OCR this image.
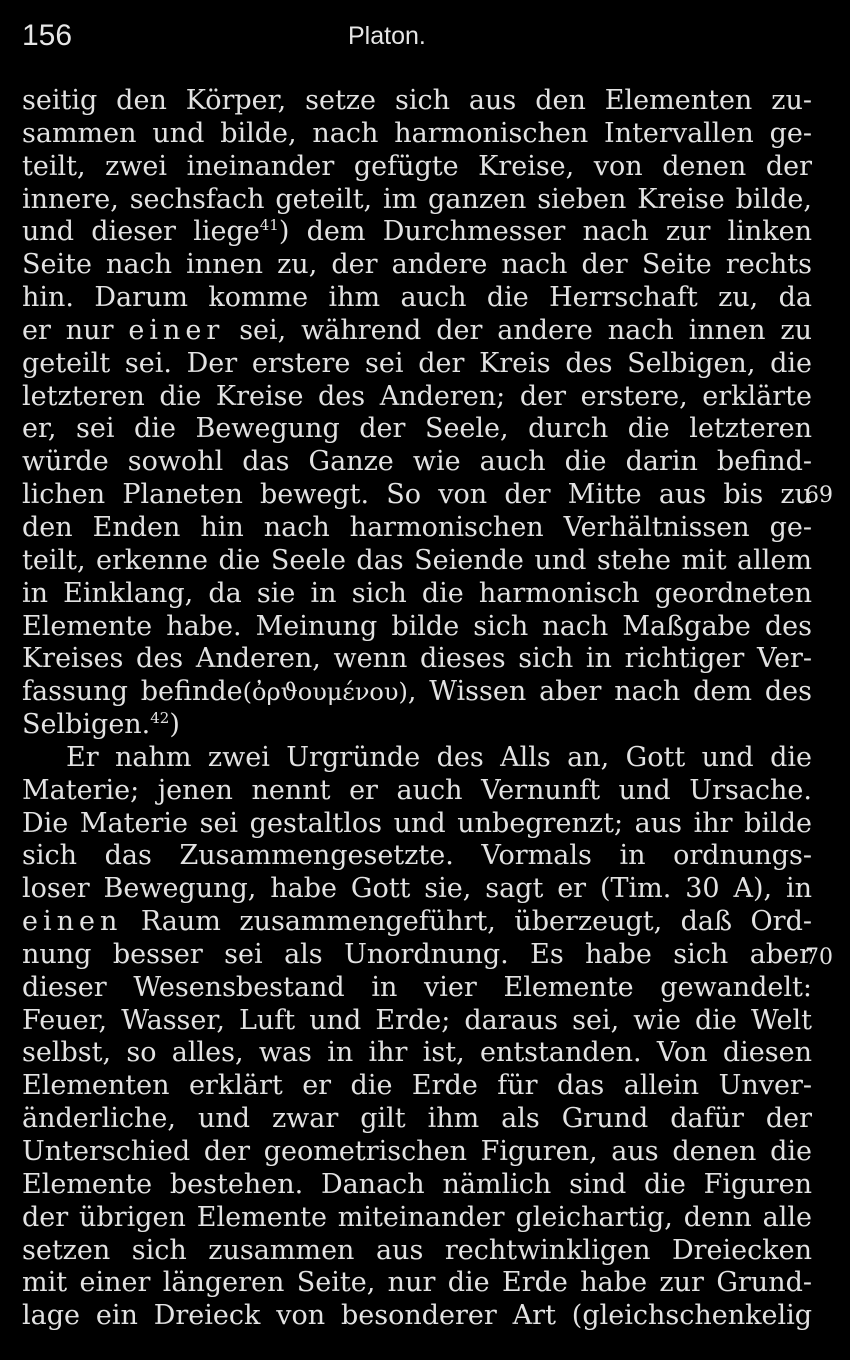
156	Platon.
69
70
seitig den Körper, setze sich aus den Elementen zu-
sammen und bilde, nach harmonischen Intervallen ge-
teilt, zwei ineinander gefügte Kreise, von denen der
innere, sechsfach geteilt, im ganzen sieben Kreise bilde,
und dieser liege$^{41}$) dem Durchmesser nach zur linken
Seite nach innen zu, der andere nach der Seite rechts
hin. Darum komme ihm auch die Herrschaft zu, da
er nur einer sei, während der andere nach innen zu
geteilt sei. Der erstere sei der Kreis des Selbigen, die
letzteren die Kreise des Anderen; der erstere, erklärte
er, sei die Bewegung der Seele, durch die letzteren
würde sowohl das Ganze wie auch die darin befind-
lichen Planeten bewegt. So von der Mitte aus bis zu
den Enden hin nach harmonischen Verhältnissen ge-
teilt, erkenne die Seele das Seiende und stehe mit allem
in Einklang, da sie in sich die harmonisch geordneten
Elemente habe. Meinung bilde sich nach Maßgabe des
Kreises des Anderen, wenn dieses sich in richtiger Ver-
fassung befinde(ὀρϑουμένου), Wissen aber nach dem des
Selbigen.$^{42}$)
Er nahm zwei Urgründe des Alls an, Gott und die
Materie; jenen nennt er auch Vernunft und Ursache.
Die Materie sei gestaltlos und unbegrenzt; aus ihr bilde
sich das Zusammengesetzte. Vormals in ordnungs-
loser Bewegung, habe Gott sie, sagt er (Tim. 30 A), in
einen Raum zusammengeführt, überzeugt, daß Ord-
nung besser sei als Unordnung. Es habe sich aber
dieser Wesensbestand in vier Elemente gewandelt:
Feuer, Wasser, Luft und Erde; daraus sei, wie die Welt
selbst, so alles, was in ihr ist, entstanden. Von diesen
Elementen erklärt er die Erde für das allein Unver-
änderliche, und zwar gilt ihm als Grund dafür der
Unterschied der geometrischen Figuren, aus denen die
Elemente bestehen. Danach nämlich sind die Figuren
der übrigen Elemente miteinander gleichartig, denn alle
setzen sich zusammen aus rechtwinkligen Dreiecken
mit einer längeren Seite, nur die Erde habe zur Grund-
lage ein Dreieck von besonderer Art (gleichschenkelig
